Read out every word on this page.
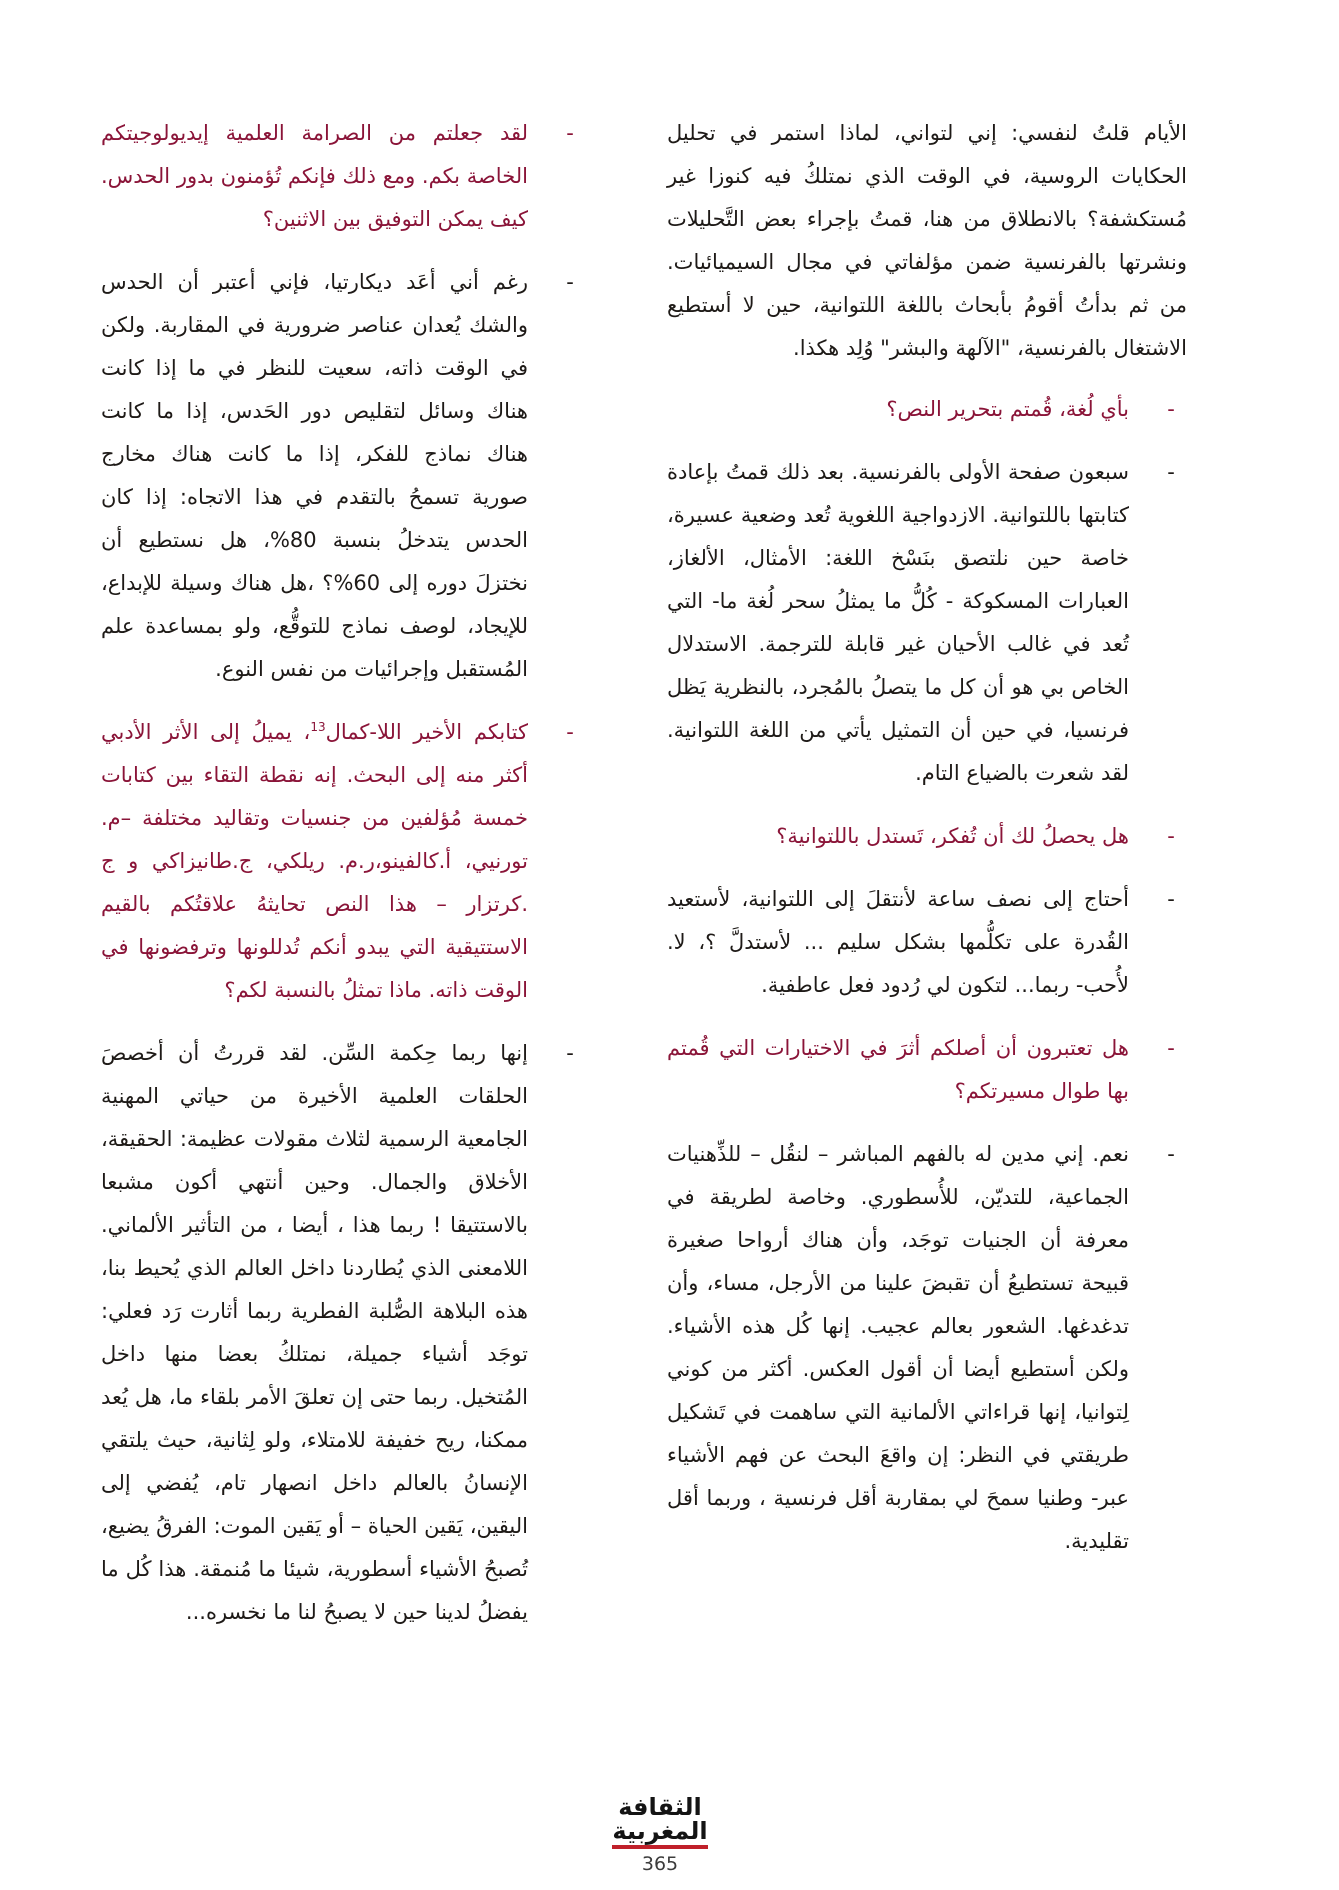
الأيام قلتُ لنفسي: إني لتواني، لماذا استمر في تحليل الحكايات الروسية، في الوقت الذي نمتلكُ فيه كنوزا غير مُستكشفة؟ بالانطلاق من هنا، قمتُ بإجراء بعض التَّحليلات ونشرتها بالفرنسية ضمن مؤلفاتي في مجال السيميائيات. من ثم بدأتُ أقومُ بأبحاث باللغة اللتوانية، حين لا أستطيع الاشتغال بالفرنسية، "الآلهة والبشر" وُلِد هكذا.

-
بأي لُغة، قُمتم بتحرير النص؟
-
سبعون صفحة الأولى بالفرنسية. بعد ذلك قمتُ بإعادة كتابتها باللتوانية. الازدواجية اللغوية تُعد وضعية عسيرة، خاصة حين نلتصق بنَسْخ اللغة: الأمثال، الألغاز، العبارات المسكوكة - كُلُّ ما يمثلُ سحر لُغة ما- التي تُعد في غالب الأحيان غير قابلة للترجمة. الاستدلال الخاص بي هو أن كل ما يتصلُ بالمُجرد، بالنظرية يَظل فرنسيا، في حين أن التمثيل يأتي من اللغة اللتوانية. لقد شعرت بالضياع التام.
-
هل يحصلُ لك أن تُفكر، تَستدل باللتوانية؟
-
أحتاج إلى نصف ساعة لأنتقلَ إلى اللتوانية، لأستعيد القُدرة على تكلُّمها بشكل سليم ... لأستدلَّ ؟، لا. لأُحب- ربما... لتكون لي رُدود فعل عاطفية.
-
هل تعتبرون أن أصلكم أثرَ في الاختيارات التي قُمتم بها طوال مسيرتكم؟
-
نعم. إني مدين له بالفهم المباشر – لنقُل – للذِّهنيات الجماعية، للتديّن، للأُسطوري. وخاصة لطريقة في معرفة أن الجنيات توجَد، وأن هناك أرواحا صغيرة قبيحة تستطيعُ أن تقبضَ علينا من الأرجل، مساء، وأن تدغدغها. الشعور بعالم عجيب. إنها كُل هذه الأشياء. ولكن أستطيع أيضا أن أقول العكس. أكثر من كوني لِتوانيا، إنها قراءاتي الألمانية التي ساهمت في تَشكيل طريقتي في النظر: إن واقعَ البحث عن فهم الأشياء عبر- وطنيا سمحَ لي بمقاربة أقل فرنسية ، وربما أقل تقليدية.
-
لقد جعلتم من الصرامة العلمية إيديولوجيتكم الخاصة بكم. ومع ذلك فإنكم تُؤمنون بدور الحدس. كيف يمكن التوفيق بين الاثنين؟
-
رغم أني أعَد ديكارتيا، فإني أعتبر أن الحدس والشك يُعدان عناصر ضرورية في المقاربة. ولكن في الوقت ذاته، سعيت للنظر في ما إذا كانت هناك وسائل لتقليص دور الحَدس، إذا ما كانت هناك نماذج للفكر، إذا ما كانت هناك مخارج صورية تسمحُ بالتقدم في هذا الاتجاه: إذا كان الحدس يتدخلُ بنسبة 80%، هل نستطيع أن نختزلَ دوره إلى 60%؟ ،هل هناك وسيلة للإبداع، للإيجاد، لوصف نماذج للتوقُّع، ولو بمساعدة علم المُستقبل وإجرائيات من نفس النوع.
-
كتابكم الأخير اللا-كمال$^{13}$، يميلُ إلى الأثر الأدبي أكثر منه إلى البحث. إنه نقطة التقاء بين كتابات خمسة مُؤلفين من جنسيات وتقاليد مختلفة –م. تورنيي، أ.كالفينو،ر.م. ريلكي، ج.طانيزاكي و ج .كرتزار – هذا النص تحايثهُ علاقتُكم بالقيم الاستتيقية التي يبدو أنكم تُدللونها وترفضونها في الوقت ذاته. ماذا تمثلُ بالنسبة لكم؟
-
إنها ربما حِكمة السِّن. لقد قررتُ أن أخصصَ الحلقات العلمية الأخيرة من حياتي المهنية الجامعية الرسمية لثلاث مقولات عظيمة: الحقيقة، الأخلاق والجمال. وحين أنتهي أكون مشبعا بالاستتيقا ! ربما هذا ، أيضا ، من التأثير الألماني. اللامعنى الذي يُطاردنا داخل العالم الذي يُحيط بنا، هذه البلاهة الصُّلبة الفطرية ربما أثارت رَد فعلي: توجَد أشياء جميلة، نمتلكُ بعضا منها داخل المُتخيل. ربما حتى إن تعلقَ الأمر بلقاء ما، هل يُعد ممكنا، ريح خفيفة للامتلاء، ولو لِثانية، حيث يلتقي الإنسانُ بالعالم داخل انصهار تام، يُفضي إلى اليقين، يَقين الحياة – أو يَقين الموت: الفرقُ يضيع، تُصبحُ الأشياء أسطورية، شيئا ما مُنمقة. هذا كُل ما يفضلُ لدينا حين لا يصبحُ لنا ما نخسره...
الثقافة
المغربية
365
